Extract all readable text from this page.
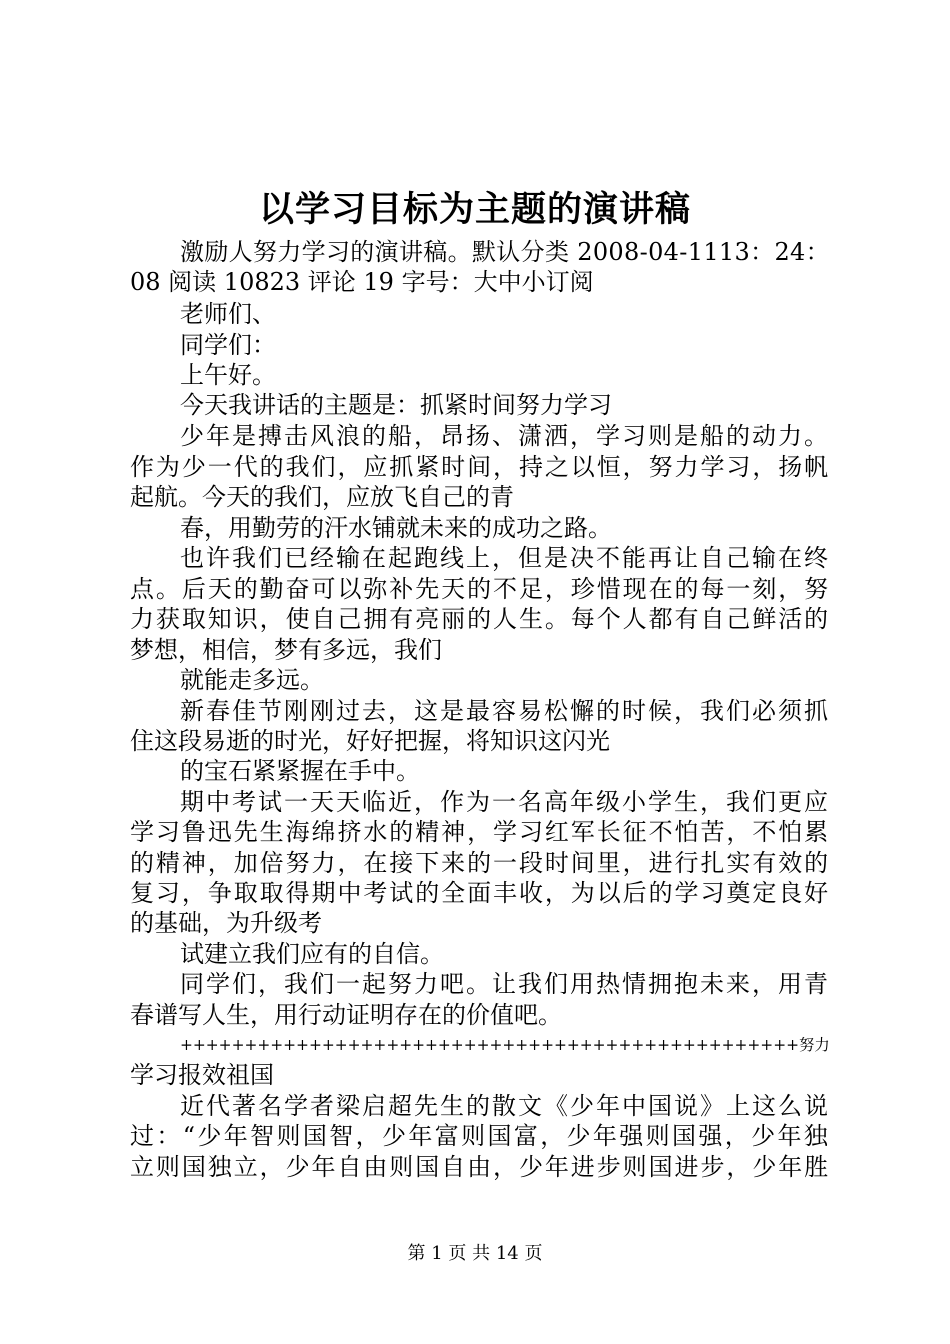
以学习目标为主题的演讲稿
激励人努力学习的演讲稿。默认分类 2008-04-1113：24：
08 阅读 10823 评论 19 字号：大中小订阅
老师们、
同学们：
上午好。
今天我讲话的主题是：抓紧时间努力学习
少年是搏击风浪的船，昂扬、潇洒，学习则是船的动力。
作为少一代的我们，应抓紧时间，持之以恒，努力学习，扬帆
起航。今天的我们，应放飞自己的青
春，用勤劳的汗水铺就未来的成功之路。
也许我们已经输在起跑线上，但是决不能再让自己输在终
点。后天的勤奋可以弥补先天的不足，珍惜现在的每一刻，努
力获取知识，使自己拥有亮丽的人生。每个人都有自己鲜活的
梦想，相信，梦有多远，我们
就能走多远。
新春佳节刚刚过去，这是最容易松懈的时候，我们必须抓
住这段易逝的时光，好好把握，将知识这闪光
的宝石紧紧握在手中。
期中考试一天天临近，作为一名高年级小学生，我们更应
学习鲁迅先生海绵挤水的精神，学习红军长征不怕苦，不怕累
的精神，加倍努力，在接下来的一段时间里，进行扎实有效的
复习，争取取得期中考试的全面丰收，为以后的学习奠定良好
的基础，为升级考
试建立我们应有的自信。
同学们，我们一起努力吧。让我们用热情拥抱未来，用青
春谱写人生，用行动证明存在的价值吧。
++++++++++++++++++++++++++++++++++++++++++++++++努力
学习报效祖国
近代著名学者梁启超先生的散文《少年中国说》上这么说
过：“少年智则国智，少年富则国富，少年强则国强，少年独
立则国独立，少年自由则国自由，少年进步则国进步，少年胜
第 1 页 共 14 页
